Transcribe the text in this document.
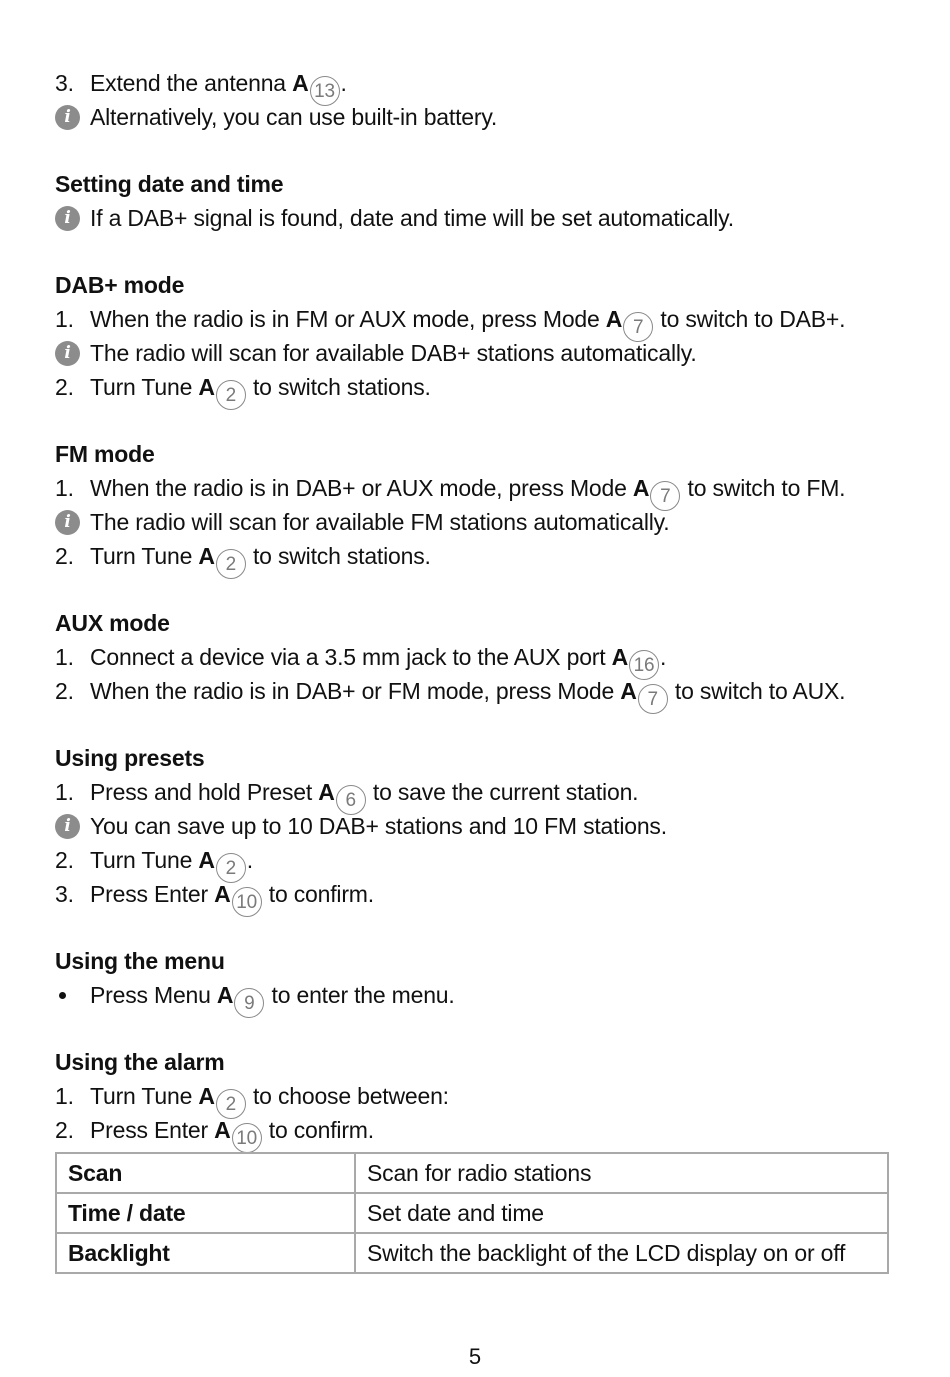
3. Extend the antenna A 13 .
i Alternatively, you can use built-in battery.
Setting date and time
i If a DAB+ signal is found, date and time will be set automatically.
DAB+ mode
1. When the radio is in FM or AUX mode, press Mode A 7 to switch to DAB+.
i The radio will scan for available DAB+ stations automatically.
2. Turn Tune A 2 to switch stations.
FM mode
1. When the radio is in DAB+ or AUX mode, press Mode A 7 to switch to FM.
i The radio will scan for available FM stations automatically.
2. Turn Tune A 2 to switch stations.
AUX mode
1. Connect a device via a 3.5 mm jack to the AUX port A 16 .
2. When the radio is in DAB+ or FM mode, press Mode A 7 to switch to AUX.
Using presets
1. Press and hold Preset A 6 to save the current station.
i You can save up to 10 DAB+ stations and 10 FM stations.
2. Turn Tune A 2 .
3. Press Enter A 10 to confirm.
Using the menu
Press Menu A 9 to enter the menu.
Using the alarm
1. Turn Tune A 2 to choose between:
2. Press Enter A 10 to confirm.
Scan	Scan for radio stations
Time / date	Set date and time
Backlight	Switch the backlight of the LCD display on or off
5
